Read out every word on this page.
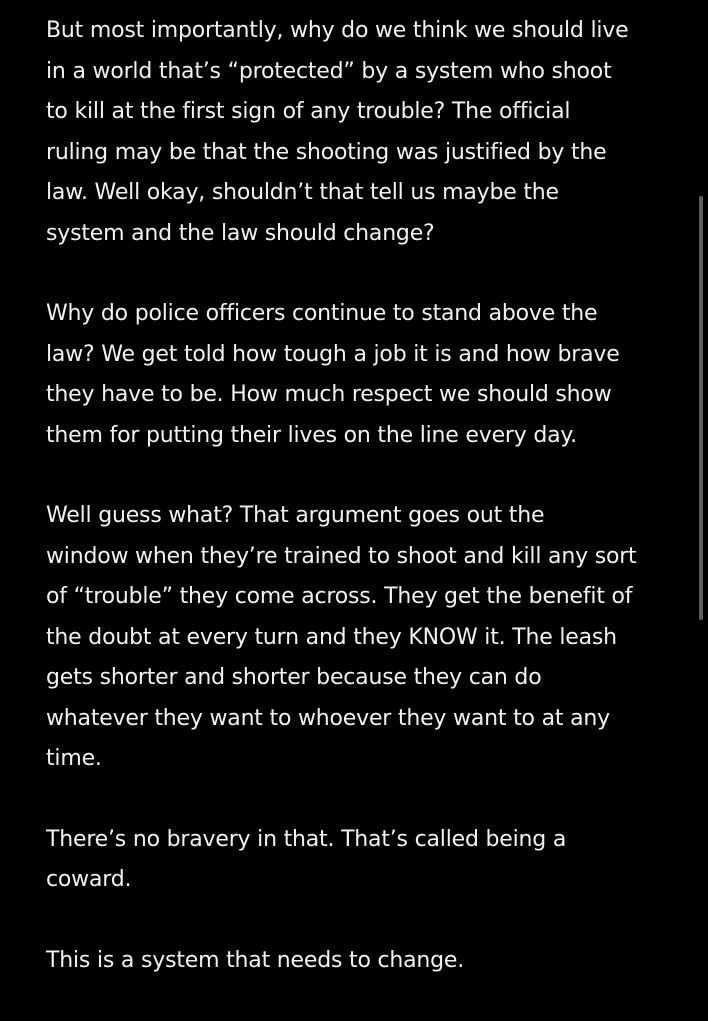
But most importantly, why do we think we should live
in a world that’s “protected” by a system who shoot
to kill at the first sign of any trouble? The official
ruling may be that the shooting was justified by the
law. Well okay, shouldn’t that tell us maybe the
system and the law should change?

Why do police officers continue to stand above the
law? We get told how tough a job it is and how brave
they have to be. How much respect we should show
them for putting their lives on the line every day.

Well guess what? That argument goes out the
window when they’re trained to shoot and kill any sort
of “trouble” they come across. They get the benefit of
the doubt at every turn and they KNOW it. The leash
gets shorter and shorter because they can do
whatever they want to whoever they want to at any
time.

There’s no bravery in that. That’s called being a
coward.

This is a system that needs to change.
